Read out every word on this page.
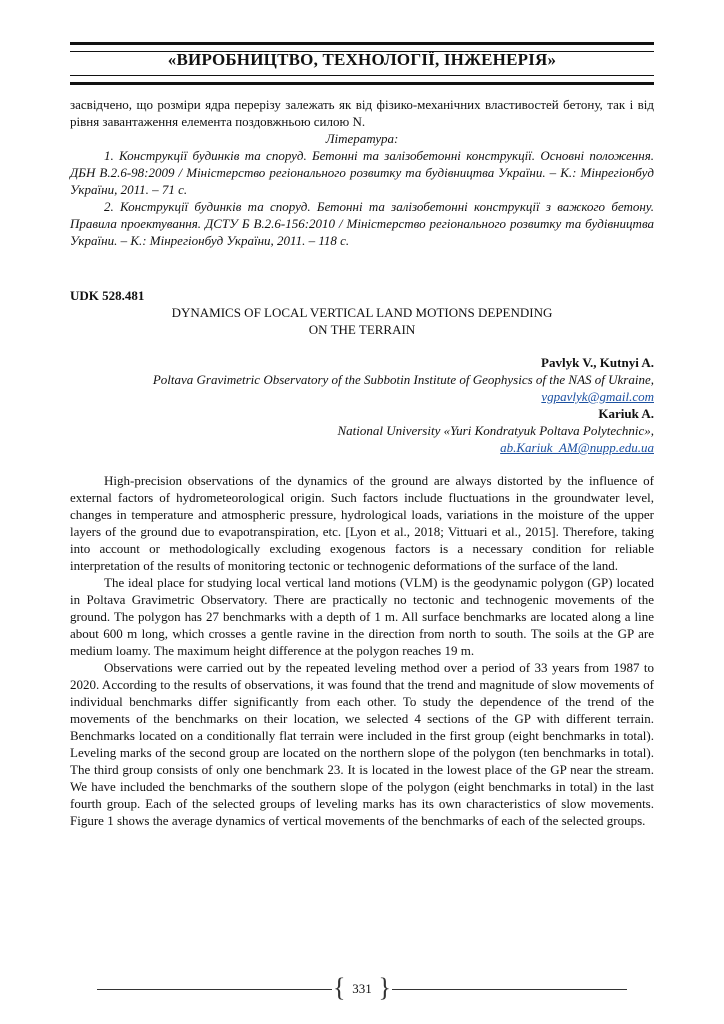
«ВИРОБНИЦТВО, ТЕХНОЛОГІЇ, ІНЖЕНЕРІЯ»

засвідчено, що розміри ядра перерізу залежать як від фізико-механічних властивостей бетону, так і від рівня завантаження елемента поздовжньою силою N.

Література:

1. Конструкції будинків та споруд. Бетонні та залізобетонні конструкції. Основні положення. ДБН В.2.6-98:2009 / Міністерство регіонального розвитку та будівництва України. – К.: Мінрегіонбуд України, 2011. – 71 с.

2. Конструкції будинків та споруд. Бетонні та залізобетонні конструкції з важкого бетону. Правила проектування. ДСТУ Б В.2.6-156:2010 / Міністерство регіонального розвитку та будівництва України. – К.: Мінрегіонбуд України, 2011. – 118 с.

UDK 528.481

DYNAMICS OF LOCAL VERTICAL LAND MOTIONS DEPENDING

ON THE TERRAIN

Pavlyk V., Kutnyi A.

Poltava Gravimetric Observatory of the Subbotin Institute of Geophysics of the NAS of Ukraine,

vgpavlyk@gmail.com

Kariuk A.

National University «Yuri Kondratyuk Poltava Polytechnic»,

ab.Kariuk_AM@nupp.edu.ua

High-precision observations of the dynamics of the ground are always distorted by the influence of external factors of hydrometeorological origin. Such factors include fluctuations in the groundwater level, changes in temperature and atmospheric pressure, hydrological loads, variations in the moisture of the upper layers of the ground due to evapotranspiration, etc. [Lyon et al., 2018; Vittuari et al., 2015]. Therefore, taking into account or methodologically excluding exogenous factors is a necessary condition for reliable interpretation of the results of monitoring tectonic or technogenic deformations of the surface of the land.

The ideal place for studying local vertical land motions (VLM) is the geodynamic polygon (GP) located in Poltava Gravimetric Observatory. There are practically no tectonic and technogenic movements of the ground. The polygon has 27 benchmarks with a depth of 1 m. All surface benchmarks are located along a line about 600 m long, which crosses a gentle ravine in the direction from north to south. The soils at the GP are medium loamy. The maximum height difference at the polygon reaches 19 m.

Observations were carried out by the repeated leveling method over a period of 33 years from 1987 to 2020. According to the results of observations, it was found that the trend and magnitude of slow movements of individual benchmarks differ significantly from each other. To study the dependence of the trend of the movements of the benchmarks on their location, we selected 4 sections of the GP with different terrain. Benchmarks located on a conditionally flat terrain were included in the first group (eight benchmarks in total). Leveling marks of the second group are located on the northern slope of the polygon (ten benchmarks in total). The third group consists of only one benchmark 23. It is located in the lowest place of the GP near the stream. We have included the benchmarks of the southern slope of the polygon (eight benchmarks in total) in the last fourth group. Each of the selected groups of leveling marks has its own characteristics of slow movements. Figure 1 shows the average dynamics of vertical movements of the benchmarks of each of the selected groups.

{ 331 }
